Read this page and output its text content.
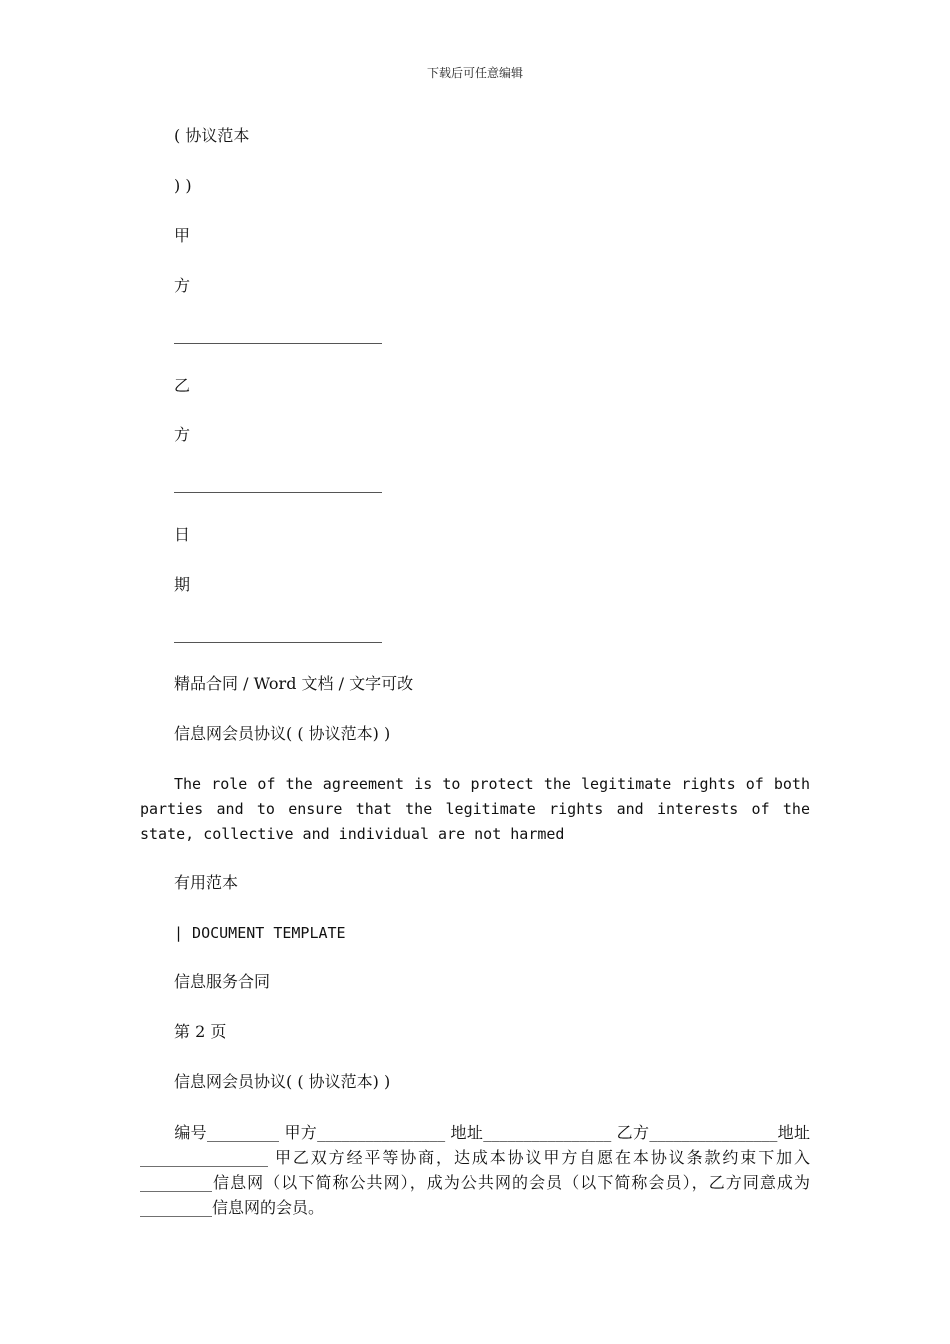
下载后可任意编辑
( 协议范本
) )
甲
方
乙
方
日
期
精品合同 / Word 文档 / 文字可改
信息网会员协议( ( 协议范本) )
The role of the agreement is to protect the legitimate rights of both parties and to ensure that the legitimate rights and interests of the state, collective and individual are not harmed
有用范本
| DOCUMENT TEMPLATE
信息服务合同
第 2 页
信息网会员协议( ( 协议范本) )
编号_________ 甲方________________ 地址________________ 乙方________________地址________________ 甲乙双方经平等协商，达成本协议甲方自愿在本协议条款约束下加入_________信息网（以下简称公共网），成为公共网的会员（以下简称会员），乙方同意成为_________信息网的会员。
